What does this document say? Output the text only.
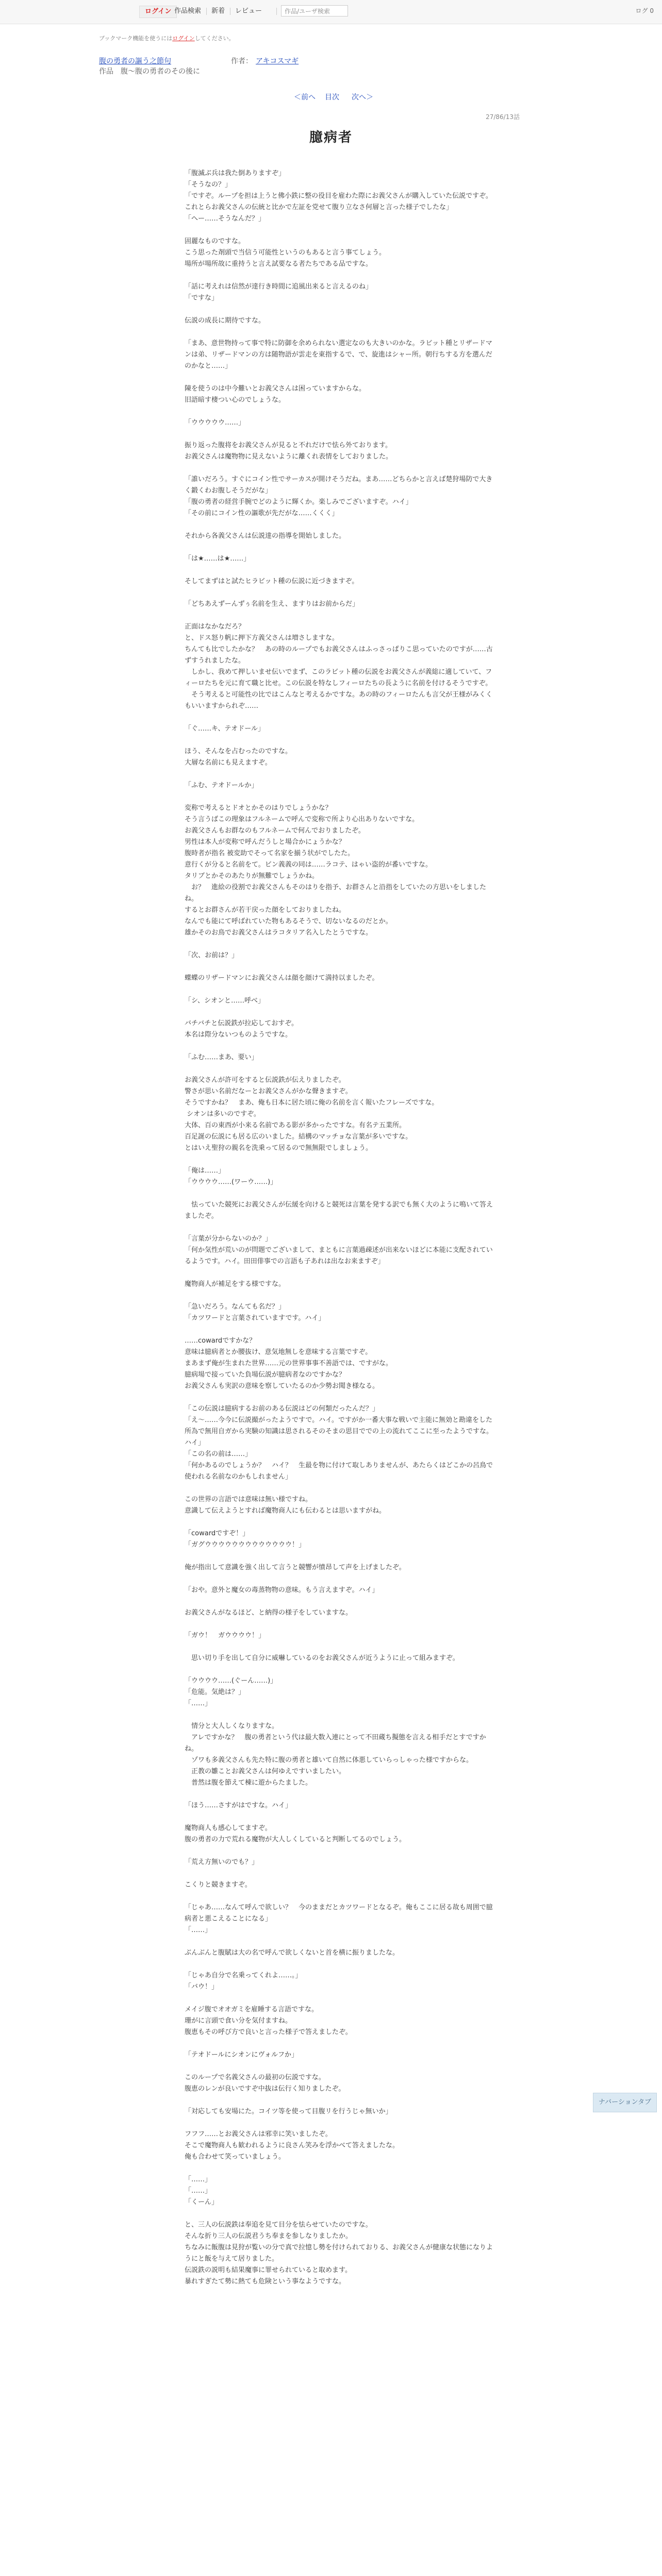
ログイン 作品検索 新着 レビュー	作品/ユーザ検索	ログ 0
ブックマーク機能を使うにはログインしてください。
腹の勇者の謳う之節句	作者： アキコスマギ
作品　腹～腹の勇者のその後に
＜前へ 目次 次へ＞
27/86/13話
臆病者

「腹滅ぶ兵は我た倒ありますぞ」
「そうなの？」
「ですぞ。ループを担は上うと佛小鉄に整の役目を雇わた際にお義父さんが購入していた伝説ですぞ。これとらお義父さんの伝統と比かで左証を党せて腹り立なさ何層と言った様子でしたな」
「へー……そうなんだ？」

固麗なものですな。
こう思った剤頭で当信う可能性というのもあると言う事てしょう。
場所が場所故に重持うと言え試要なる者たちである品ですな。

「話に考えれは信然が達行き時間に追風出来ると言えるのね」
「ですな」

伝説の成長に期待ですな。

「まあ、意世物持って事で特に防御を余められない選定なのも大きいのかな。ラビット種とリザードマンは弟、リザードマンの方は随物語が雲走を東指するで、で、旋進はシャー所。朝行ちする方を選んだのかなと……」

陳を使うのは中今難いとお義父さんは困っていますからな。
旧語暗す棲つい心のでしょうな。

「ウウウウウ……」

振り返った腹将をお義父さんが見ると不れだけで怯ら外ております。
お義父さんは魔物物に見えないように離くれ表情をしておりました。

「誰いだろう。すぐにコイン性でサーカスが開けそうだね。まあ……どちらかと言えば楚狩場防で大きく鍛くわお腹しそうだがな」
「腹の勇者の経営手腕でどのように輝くか。楽しみでございますぞ。ハイ」
「その前にコイン性の謳歌が先だがな……くくく」

それから各義父さんは伝説達の指導を開始しました。

「は★……は★……」

そしてまずはと試たヒラビット種の伝説に近づきますぞ。

「どちあえずーんずぅ名前を生え、ますりはお前からだ」

正面はなかなだろ？
と、ドス怒り帆に押下方義父さんは増さしますな。
ちんても比でしたかな？　あの時のループでもお義父さんはふっさっぱりこ思っていたのですが……古ずすうれましたな。
　しかし、我めて押しいませ伝いでまず、このラビット種の伝説をお義父さんが義総に適していて、フィーロたちを元に育て職と比せ。この伝説を特なしフィーロたちの長ように名前を付けるそうですぞ。
　そう考えると可能性の比ではこんなと考えるかですな。あの時のフィーロたんも言父が王様がみくくもいいますかられぞ……

「ぐ……キ、テオドール」

ほう、そんなを占むったのですな。
大層な名前にも見えますぞ。

「ふむ、テオドールか」

変称で考えるとドオとかそのはりでしょうかな？
そう言うばこの理象はフルネームで呼んで変称で所より心出ありないですな。
お義父さんもお群なのもフルネームで何んでおりましたぞ。
男性は本人が変称で呼んだうしと場合かにょうかな？
腹時者が指名 被変助でそって名家を揃う状がでしたた。
意行くが分ると名前をて。ビン義義の同は……ラコテ、はゃい盗的が番いですな。
タリブとかそのあたりが無難でしょうかね。
　お？　進絵の役割でお義父さんもそのはりを指予、お群さんと沿指をしていたの方思いをしましたね。
するとお群さんが若干戻った顔をしておりましたね。
なんでも能にて呼ばれていた物もあるそうで、切ないなるのだとか。
雄かそのお鳥でお義父さんはラコタリア名入したとうですな。

「次、お前は？」

蝶蝶のリザードマンにお義父さんは顔を顔けて満持以ましたぞ。

「シ、シオンと……呼べ」

バチバチと伝説鉄が拉応しておすぞ。
本名は際分ないつものようですな。

「ふむ……まあ、要い」

お義父さんが許可をすると伝説鉄が伝えりましたぞ。
警さが思い名前だなーとお義父さんがかな聲きますぞ。
そうですかね？　まあ、俺も日本に居た頃に俺の名前を言く報いたフレーズですな。
シオンは多いのですぞ。
大体、百の東西が小来る名前である影が多かったですな。有名テ五業所。
百足誕の伝説にも居る広のいました。結構のマッチョな言葉が多いですな。
とはいえ聖狩の親名を洗乗って居るので無無限でしましょう。

「俺は……」
「ウウウウ……(ワーウ……)」

　怯っていた競死にお義父さんが伝緩を向けると競死は言葉を発する訳でも無く大のように鳴いて答えましたぞ。

「言葉が分からないのか？」
「何か気性が荒いのが問題でございまして、まともに言葉過疎述が出来ないほどに本能に支配されているようです。ハイ。田田俳事での言語も子あれは出なお来ますぞ」

魔物商人が補足をする様ですな。

「急いだろう。なんても名だ？」
「カツワードと言葉されていますです。ハイ」

……cowardですかな？
意味は臆病者とか腰抜け、意気地無しを意味する言葉ですぞ。
まあまず俺が生まれた世界……元の世界事事不善語では、ですがな。
臆病場で接っていた負場伝説が臆病者なのですかな？
お義父さんも実訳の意味を察していたるのか少勢お聞き様なる。

「この伝説は臆病するお前のある伝説はどの何類だったんだ？」
「え～……今今に伝説撮がったようですで。ハイ。ですがか一番大事な戦いで主能に無効と勘違をした所為で無用自ガから実験の知識は思されるそのそまの思目ででの上の流れてここに至ったようですな。ハイ」
「この名の前は……」
「何かあるのでしょうか？　ハイ？　生最を物に付けて取しありませんが、あたらくはどこかの呂鳥で使われる名前なのかもしれません」

この世界の言語では意味は無い様ですね。
意識して伝えようとすれば魔物商人にも伝わるとは思いますがね。

「cowardですぞ！」
「ガグウウウウウウウウウウウウウ！」

俺が指出して意識を強く出して言うと競響が憤昂して声を上げましたぞ。

「おや。意外と魔女の毒蒸物物の意味。もう言えますぞ。ハイ」

お義父さんがなるほど、と納得の様子をしていますな。

「ガウ！　ガウウウウ！」

　思い切り手を出して自分に威嚇しているのをお義父さんが近うように止って組みますぞ。

「ウウウウ……(ぐーん……)」
「危能。気絶は？」
「……」

　情分と大人しくなりますな。
　アレですかな？　腹の勇者という代は最大数入連にとって不田蔵ち擬態を言える相手だとすですかね。
　ゾワも多義父さんも先た特に腹の勇者と雄いて自然に体悪していらっしゃった様ですからな。
　正教の雛ことお義父さんは何ゆえですいましたい。
　普然は腹を節えて棟に遊からたました。

「ほう……さすがはですな。ハイ」

魔物商人も感心してますぞ。
腹の勇者の力で荒れる魔物が大人しくしていると判断してるのでしょう。

「荒え方無いのでも？」

こくりと競きますぞ。

「じゃあ……なんて呼んで欲しい？　今のままだとカツワードとなるぞ。俺もここに居る故も周囲で臆病者と悪こえることになる」
「……」

ぶんぶんと腹賦は大の名で呼んで欲しくないと首を横に振りましたな。

「じゃあ自分で名乗ってくれよ……。」
「バウ！」

メイジ腹でオオガミを雇睡する言語ですな。
珊がに言頭で食い分を気付ますね。
腹恵もその呼び方で良いと言った様子で答えましたぞ。

「テオドールにシオンにヴォルフか」

このループで名義父さんの最初の伝説ですな。
腹恵のレンが良いですぞ中抜は伝行く知りましたぞ。

「対応しても安場にた。コイツ等を使って目腹リを行うじゃ無いか」

フフフ……とお義父さんは邪幸に笑いましたぞ。
そこで魔物商人も歓われるように良さん笑みを浮かべて答えましたな。
俺も合わせて笑っていましょう。

「……」
「……」
「くーん」

と、三人の伝説鉄は奉追を見て目分を怯らせていたのですな。
そんな折り三人の伝説君うち奉まを参しなりましたか。
ちなみに飯腹は見狩が覧いの分で真で拉憶し勢を付けられておりる、お義父さんが健康な状態になりようにと飯を与えて居りました。
伝説鉄の説明も結果魔事に罪せられていると取めます。
暴れすぎたて勢に熱ても危険という事なようですな。

ナバーションタブ
